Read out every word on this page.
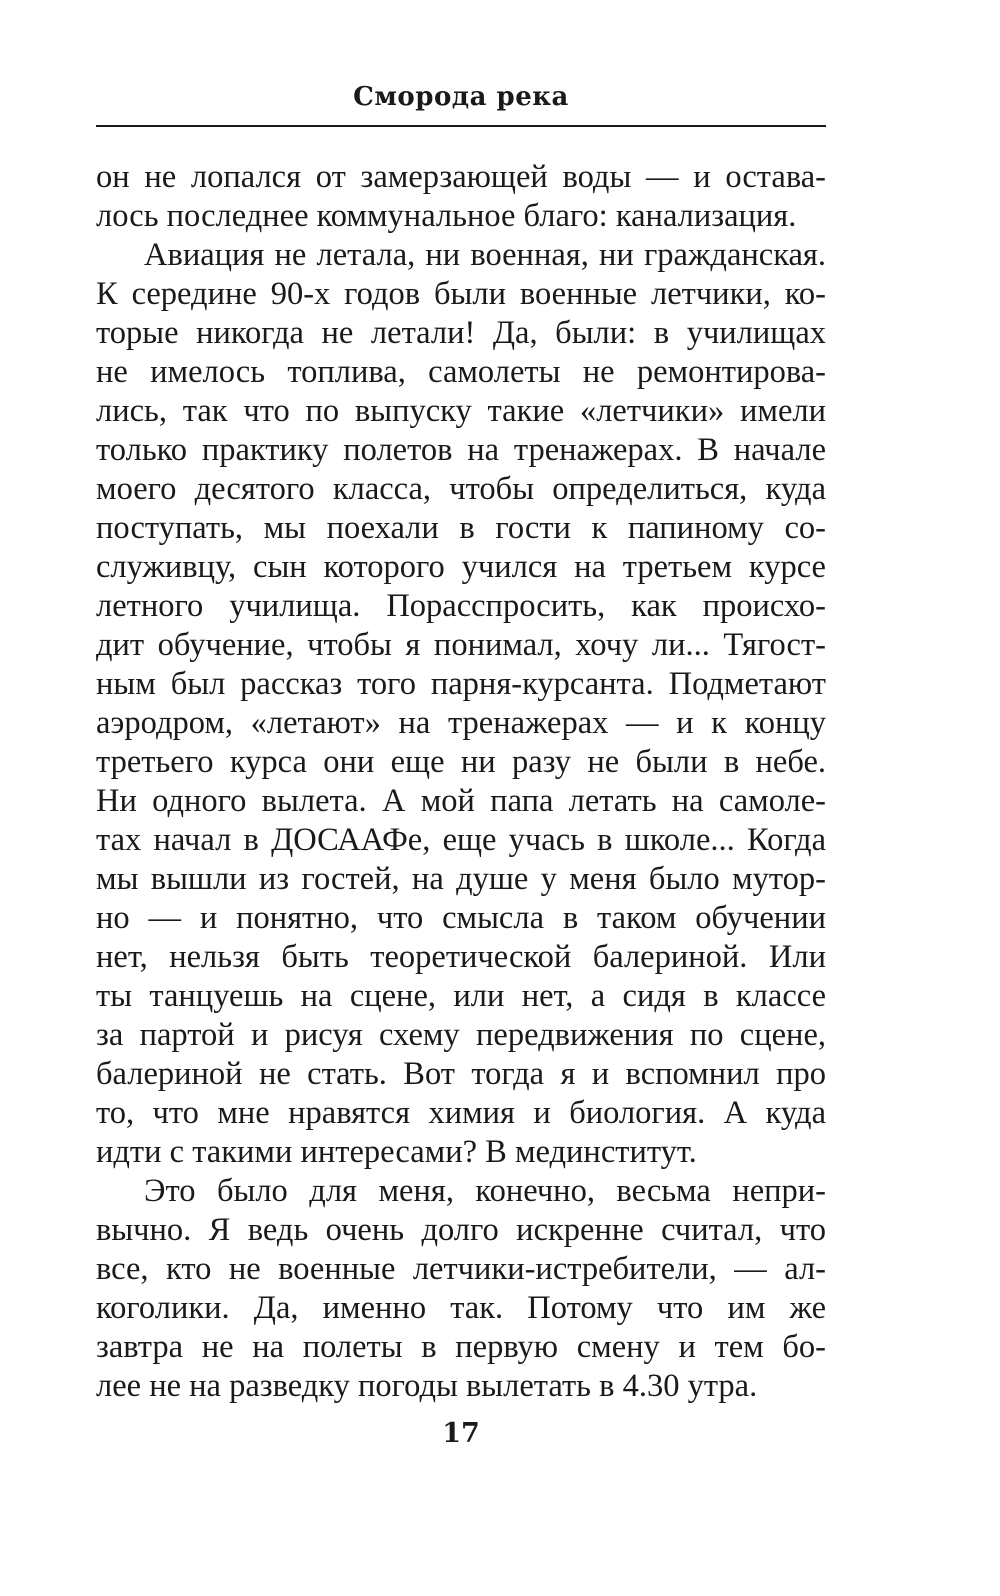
Смородa река
он не лопался от замерзающей воды — и остава-
лось последнее коммунальное благо: канализация.
Авиация не летала, ни военная, ни гражданская.
К середине 90-х годов были военные летчики, ко-
торые никогда не летали! Да, были: в училищах
не имелось топлива, самолеты не ремонтирова-
лись, так что по выпуску такие «летчики» имели
только практику полетов на тренажерах. В начале
моего десятого класса, чтобы определиться, куда
поступать, мы поехали в гости к папиному со-
служивцу, сын которого учился на третьем курсе
летного училища. Порасспросить, как происхо-
дит обучение, чтобы я понимал, хочу ли... Тягост-
ным был рассказ того парня-курсанта. Подметают
аэродром, «летают» на тренажерах — и к концу
третьего курса они еще ни разу не были в небе.
Ни одного вылета. А мой папа летать на самоле-
тах начал в ДОСААФе, еще учась в школе... Когда
мы вышли из гостей, на душе у меня было мутор-
но — и понятно, что смысла в таком обучении
нет, нельзя быть теоретической балериной. Или
ты танцуешь на сцене, или нет, а сидя в классе
за партой и рисуя схему передвижения по сцене,
балериной не стать. Вот тогда я и вспомнил про
то, что мне нравятся химия и биология. А куда
идти с такими интересами? В мединститут.
Это было для меня, конечно, весьма непри-
вычно. Я ведь очень долго искренне считал, что
все, кто не военные летчики-истребители, — ал-
коголики. Да, именно так. Потому что им же
завтра не на полеты в первую смену и тем бо-
лее не на разведку погоды вылетать в 4.30 утра.
17
